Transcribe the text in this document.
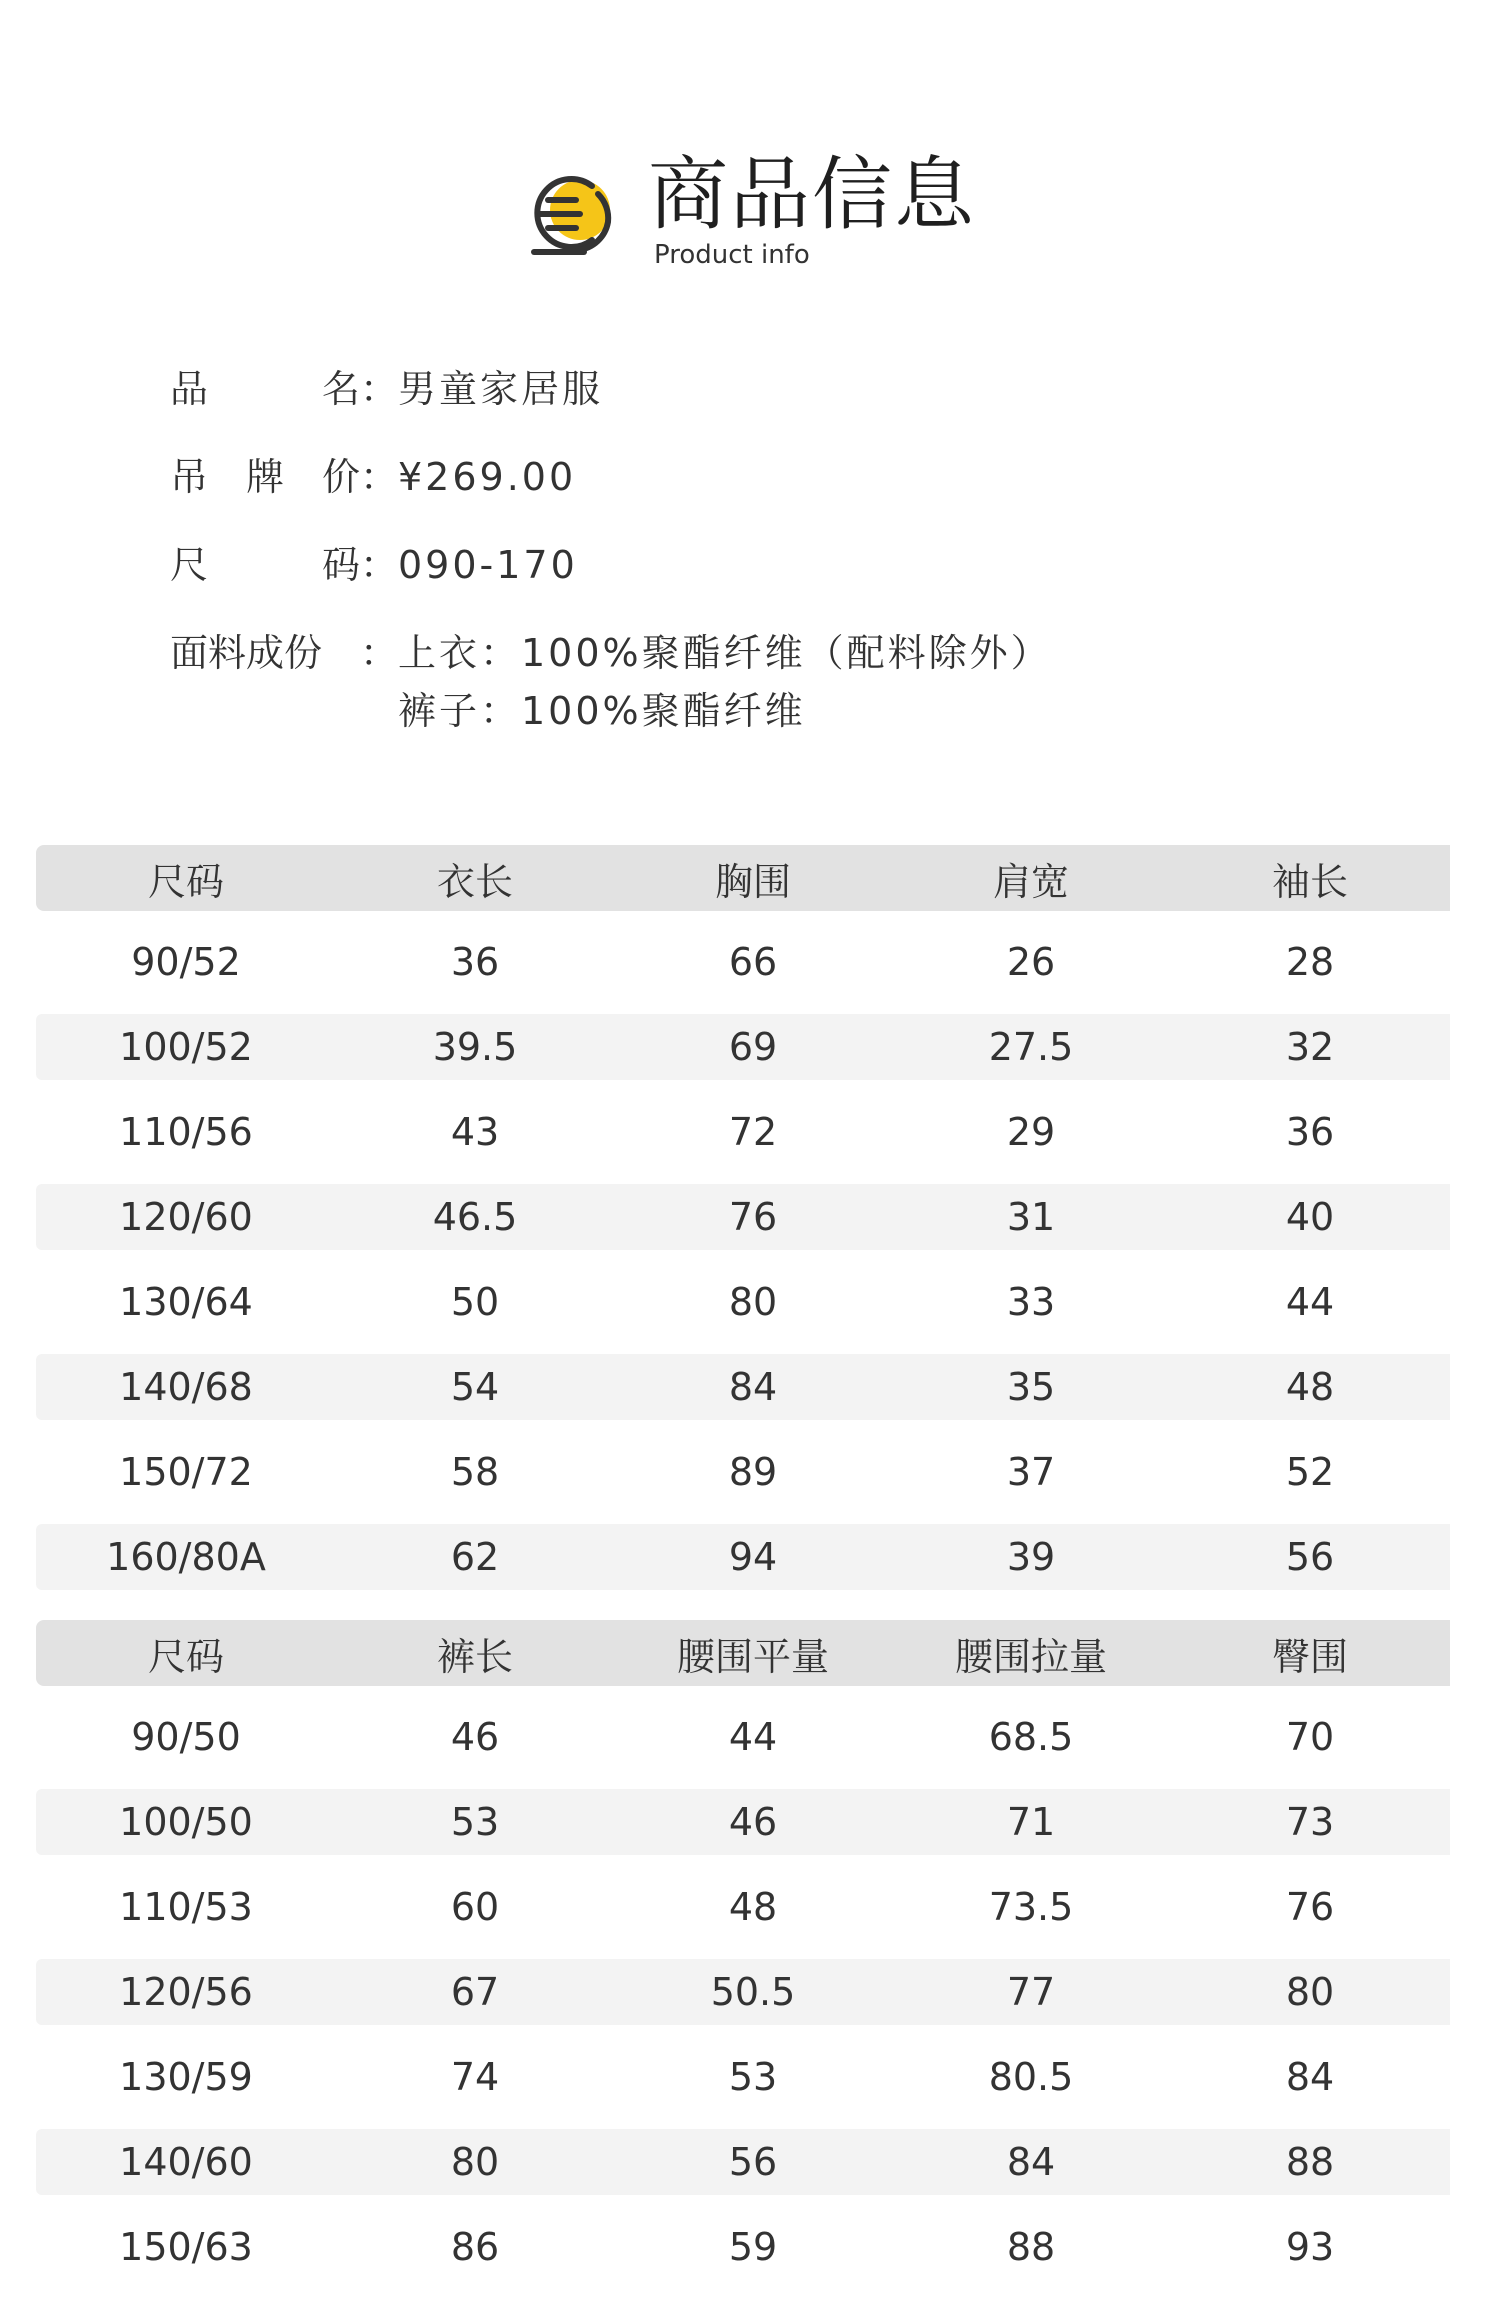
商品信息
Product info
品	名 ： 男童家居服
吊 牌 价 ： ¥269.00
尺	码 ： 090-170
面料成份 ： 上衣：100%聚酯纤维（配料除外）
裤子：100%聚酯纤维
尺码	衣长	胸围	肩宽	袖长
90/52	36	66	26	28
100/52	39.5	69	27.5	32
110/56	43	72	29	36
120/60	46.5	76	31	40
130/64	50	80	33	44
140/68	54	84	35	48
150/72	58	89	37	52
160/80A	62	94	39	56
尺码	裤长	腰围平量	腰围拉量	臀围
90/50	46	44	68.5	70
100/50	53	46	71	73
110/53	60	48	73.5	76
120/56	67	50.5	77	80
130/59	74	53	80.5	84
140/60	80	56	84	88
150/63	86	59	88	93
